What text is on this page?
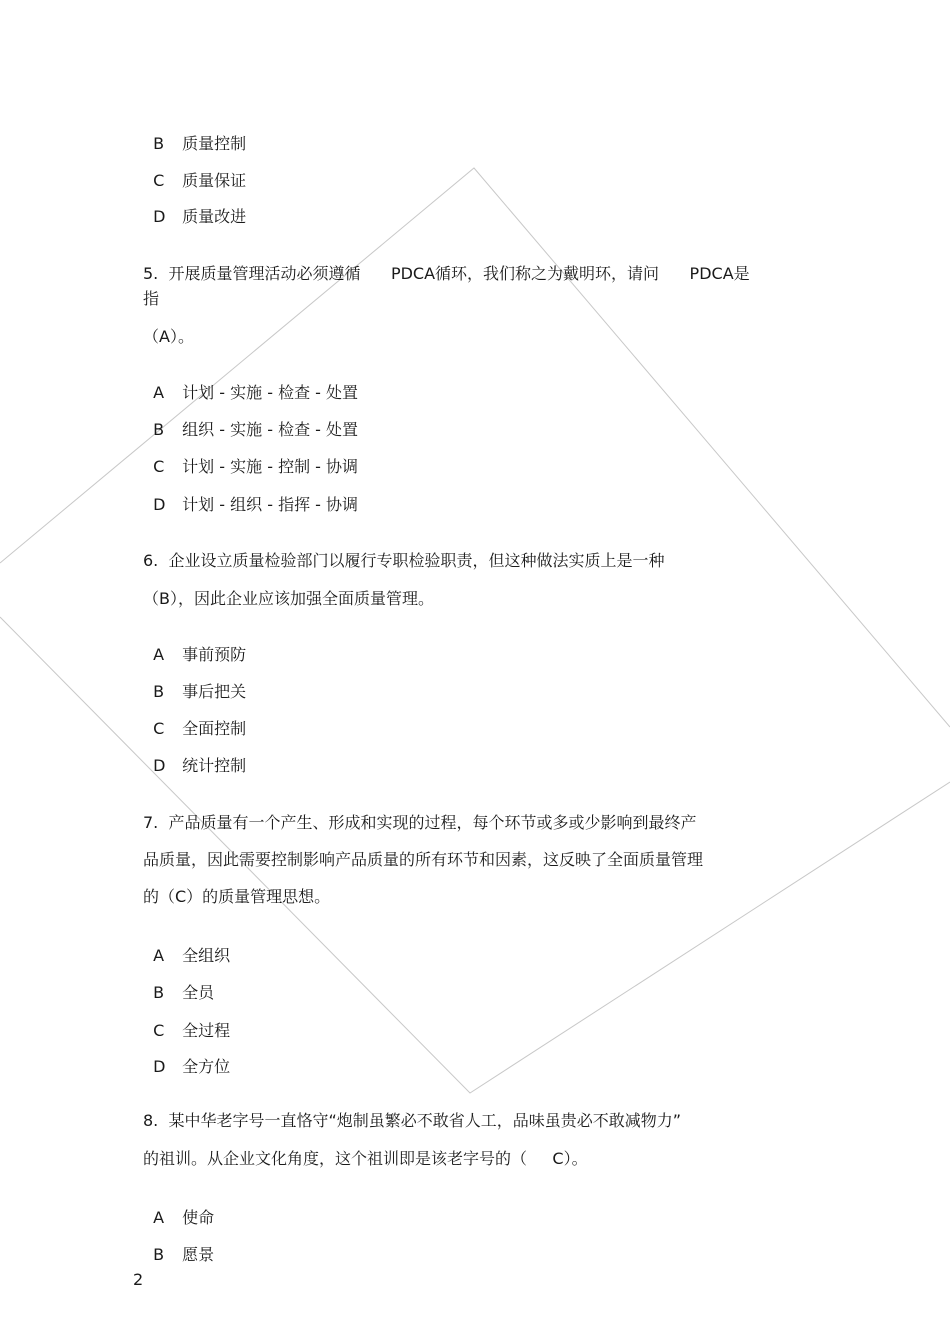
B 质量控制

C 质量保证

D 质量改进

5.  开展质量管理活动必须遵循      PDCA循环，我们称之为戴明环，请问      PDCA是
指
（A）。

A 计划 - 实施 - 检查 - 处置

B 组织 - 实施 - 检查 - 处置

C 计划 - 实施 - 控制 - 协调

D 计划 - 组织 - 指挥 - 协调

6.  企业设立质量检验部门以履行专职检验职责，但这种做法实质上是一种
（B），因此企业应该加强全面质量管理。

A 事前预防

B 事后把关

C 全面控制

D 统计控制

7.  产品质量有一个产生、形成和实现的过程，每个环节或多或少影响到最终产
品质量，因此需要控制影响产品质量的所有环节和因素，这反映了全面质量管理
的（C）的质量管理思想。

A 全组织

B 全员

C 全过程

D 全方位

8.  某中华老字号一直恪守“炮制虽繁必不敢省人工，品味虽贵必不敢减物力”
的祖训。从企业文化角度，这个祖训即是该老字号的（     C）。

A 使命

B 愿景

2
